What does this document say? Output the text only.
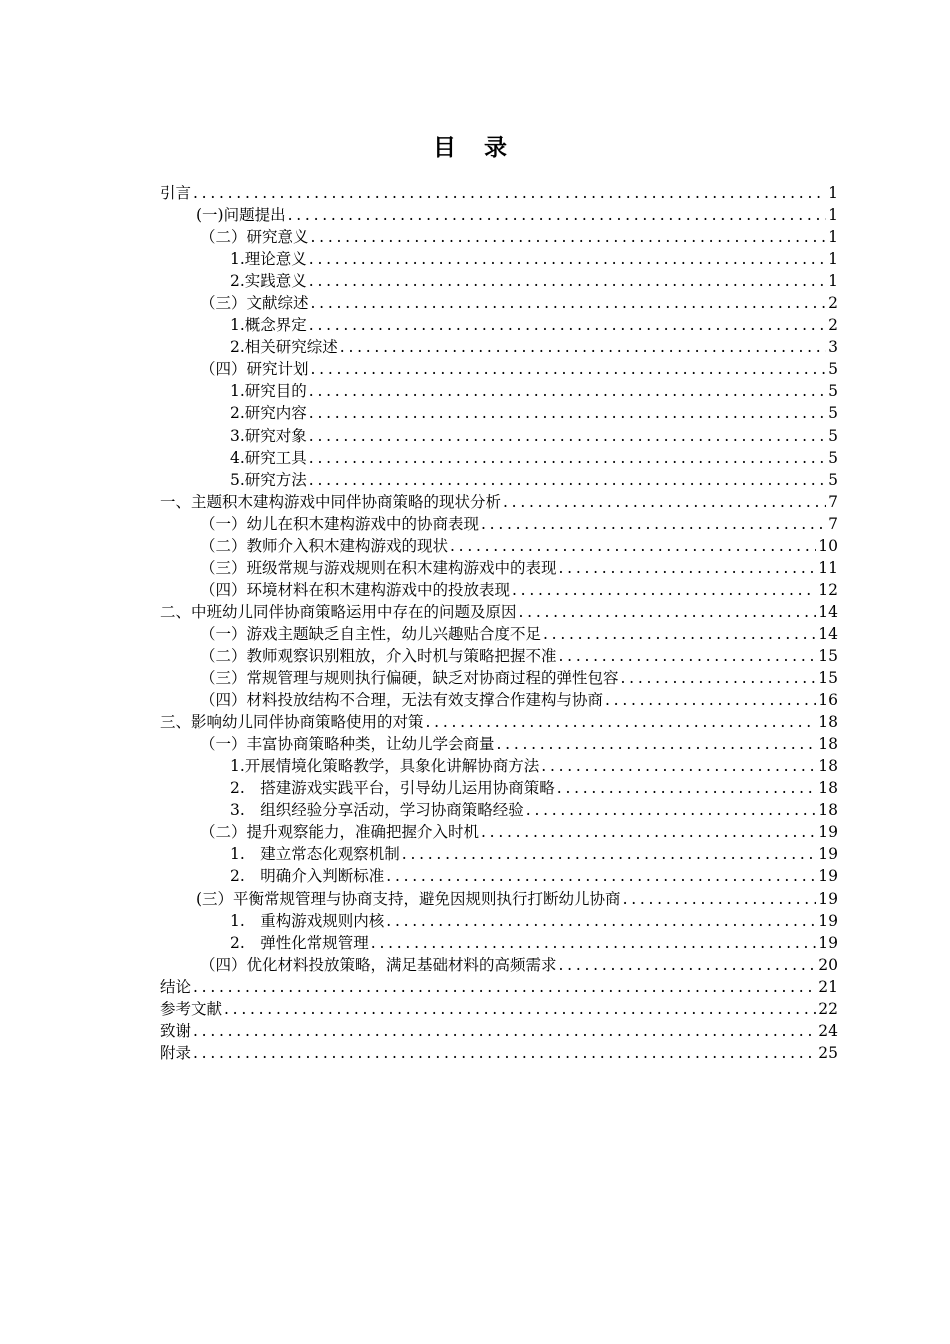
目 录
引言 . . .	1
(一)问题提出 . . .	1
（二）研究意义 . . .	1
1.理论意义 . . .	1
2.实践意义 . . .	1
（三）文献综述 . . .	2
1.概念界定 . . .	2
2.相关研究综述 . . .	3
（四）研究计划 . . .	5
1.研究目的 . . .	5
2.研究内容 . . .	5
3.研究对象 . . .	5
4.研究工具 . . .	5
5.研究方法 . . .	5
一、主题积木建构游戏中同伴协商策略的现状分析 . . .	7
（一）幼儿在积木建构游戏中的协商表现 . . .	7
（二）教师介入积木建构游戏的现状 . . .	10
（三）班级常规与游戏规则在积木建构游戏中的表现 . . .	11
（四）环境材料在积木建构游戏中的投放表现 . . .	12
二、中班幼儿同伴协商策略运用中存在的问题及原因 . . .	14
（一）游戏主题缺乏自主性，幼儿兴趣贴合度不足 . . .	14
（二）教师观察识别粗放，介入时机与策略把握不准 . . .	15
（三）常规管理与规则执行偏硬，缺乏对协商过程的弹性包容 . . .	15
（四）材料投放结构不合理，无法有效支撑合作建构与协商 . . .	16
三、影响幼儿同伴协商策略使用的对策 . . .	18
（一）丰富协商策略种类，让幼儿学会商量 . . .	18
1.开展情境化策略教学，具象化讲解协商方法 . . .	18
2.　搭建游戏实践平台，引导幼儿运用协商策略 . . .	18
3.　组织经验分享活动，学习协商策略经验 . . .	18
（二）提升观察能力，准确把握介入时机 . . .	19
1.　建立常态化观察机制 . . .	19
2.　明确介入判断标准 . . .	19
(三）平衡常规管理与协商支持，避免因规则执行打断幼儿协商 . . .	19
1.　重构游戏规则内核 . . .	19
2.　弹性化常规管理 . . .	19
（四）优化材料投放策略，满足基础材料的高频需求 . . .	20
结论 . . .	21
参考文献 . . .	22
致谢 . . .	24
附录 . . .	25
